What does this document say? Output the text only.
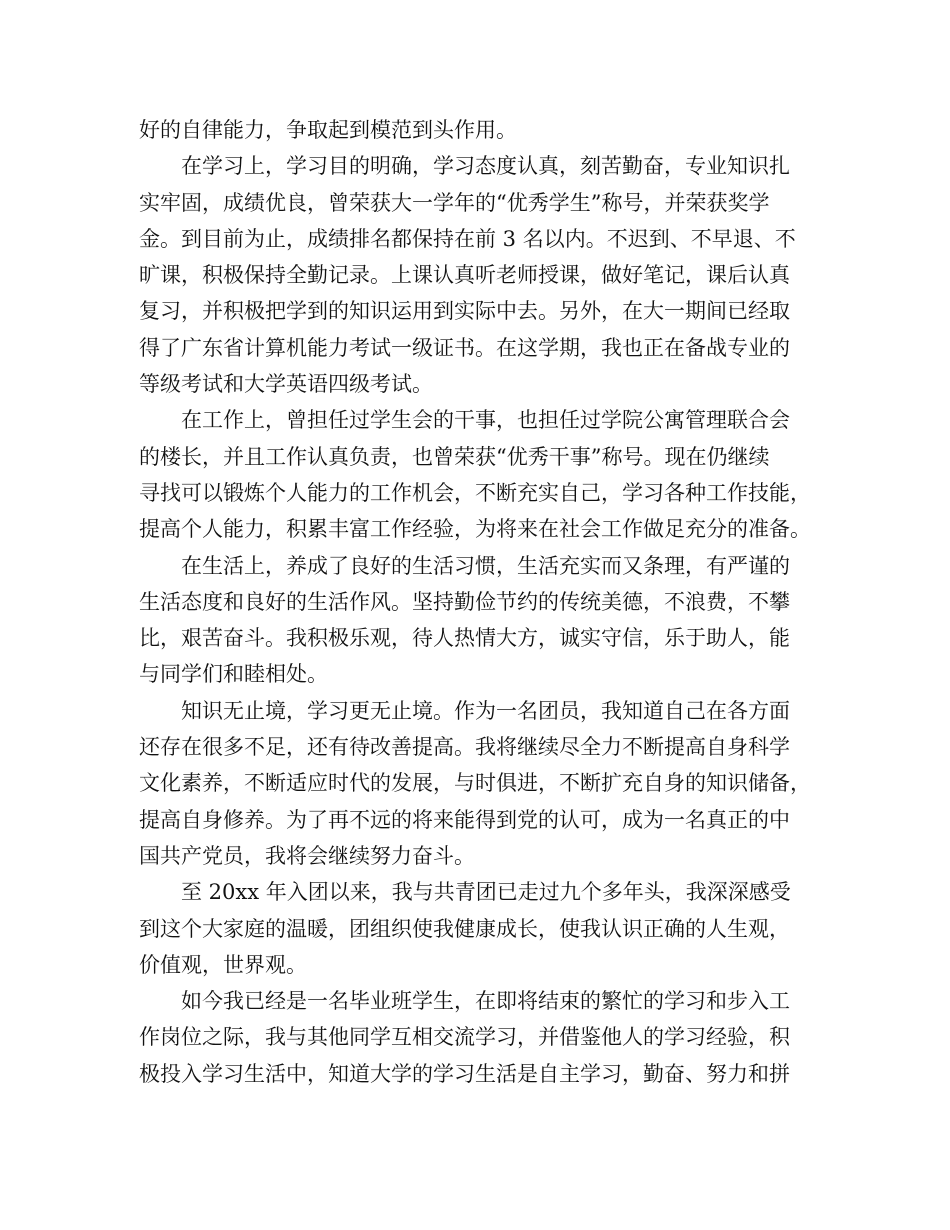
好的自律能力，争取起到模范到头作用。
在学习上，学习目的明确，学习态度认真，刻苦勤奋，专业知识扎
实牢固，成绩优良，曾荣获大一学年的“优秀学生”称号，并荣获奖学
金。到目前为止，成绩排名都保持在前 3 名以内。不迟到、不早退、不
旷课，积极保持全勤记录。上课认真听老师授课，做好笔记，课后认真
复习，并积极把学到的知识运用到实际中去。另外，在大一期间已经取
得了广东省计算机能力考试一级证书。在这学期，我也正在备战专业的
等级考试和大学英语四级考试。
在工作上，曾担任过学生会的干事，也担任过学院公寓管理联合会
的楼长，并且工作认真负责，也曾荣获“优秀干事”称号。现在仍继续
寻找可以锻炼个人能力的工作机会，不断充实自己，学习各种工作技能，
提高个人能力，积累丰富工作经验，为将来在社会工作做足充分的准备。
在生活上，养成了良好的生活习惯，生活充实而又条理，有严谨的
生活态度和良好的生活作风。坚持勤俭节约的传统美德，不浪费，不攀
比，艰苦奋斗。我积极乐观，待人热情大方，诚实守信，乐于助人，能
与同学们和睦相处。
知识无止境，学习更无止境。作为一名团员，我知道自己在各方面
还存在很多不足，还有待改善提高。我将继续尽全力不断提高自身科学
文化素养，不断适应时代的发展，与时俱进，不断扩充自身的知识储备，
提高自身修养。为了再不远的将来能得到党的认可，成为一名真正的中
国共产党员，我将会继续努力奋斗。
至 20xx 年入团以来，我与共青团已走过九个多年头，我深深感受
到这个大家庭的温暖，团组织使我健康成长，使我认识正确的人生观，
价值观，世界观。
如今我已经是一名毕业班学生，在即将结束的繁忙的学习和步入工
作岗位之际，我与其他同学互相交流学习，并借鉴他人的学习经验，积
极投入学习生活中，知道大学的学习生活是自主学习，勤奋、努力和拼
